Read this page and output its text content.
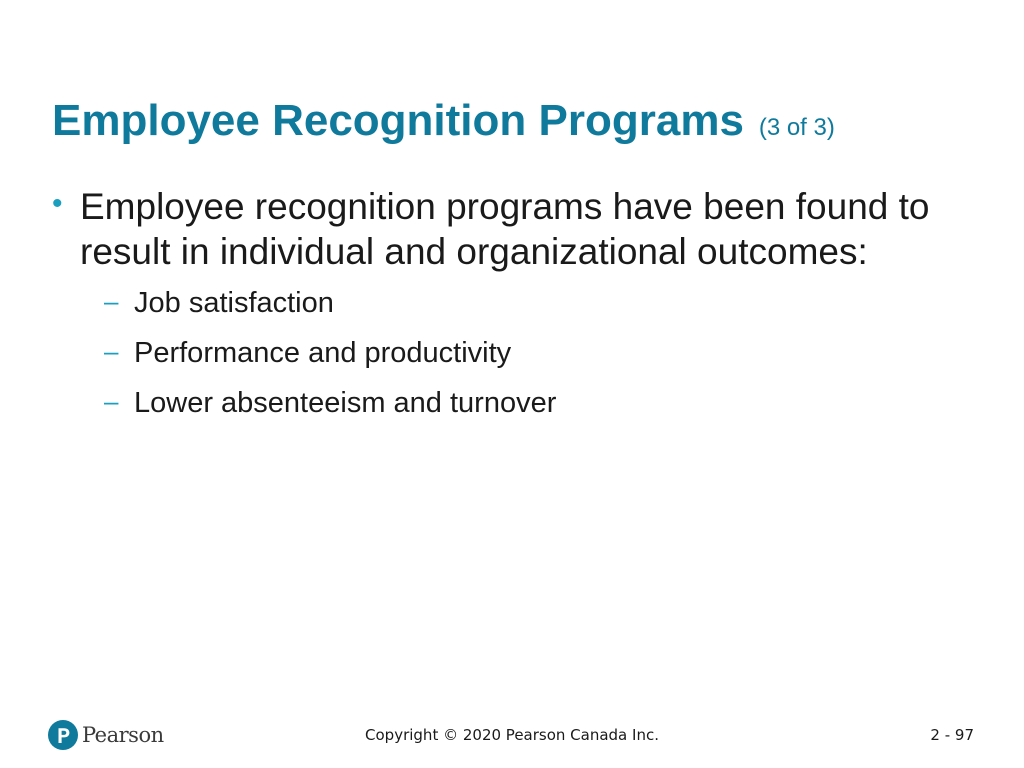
Employee Recognition Programs (3 of 3)
• Employee recognition programs have been found to result in individual and organizational outcomes:
– Job satisfaction
– Performance and productivity
– Lower absenteeism and turnover
Pearson	Copyright © 2020 Pearson Canada Inc.	2 - 97
